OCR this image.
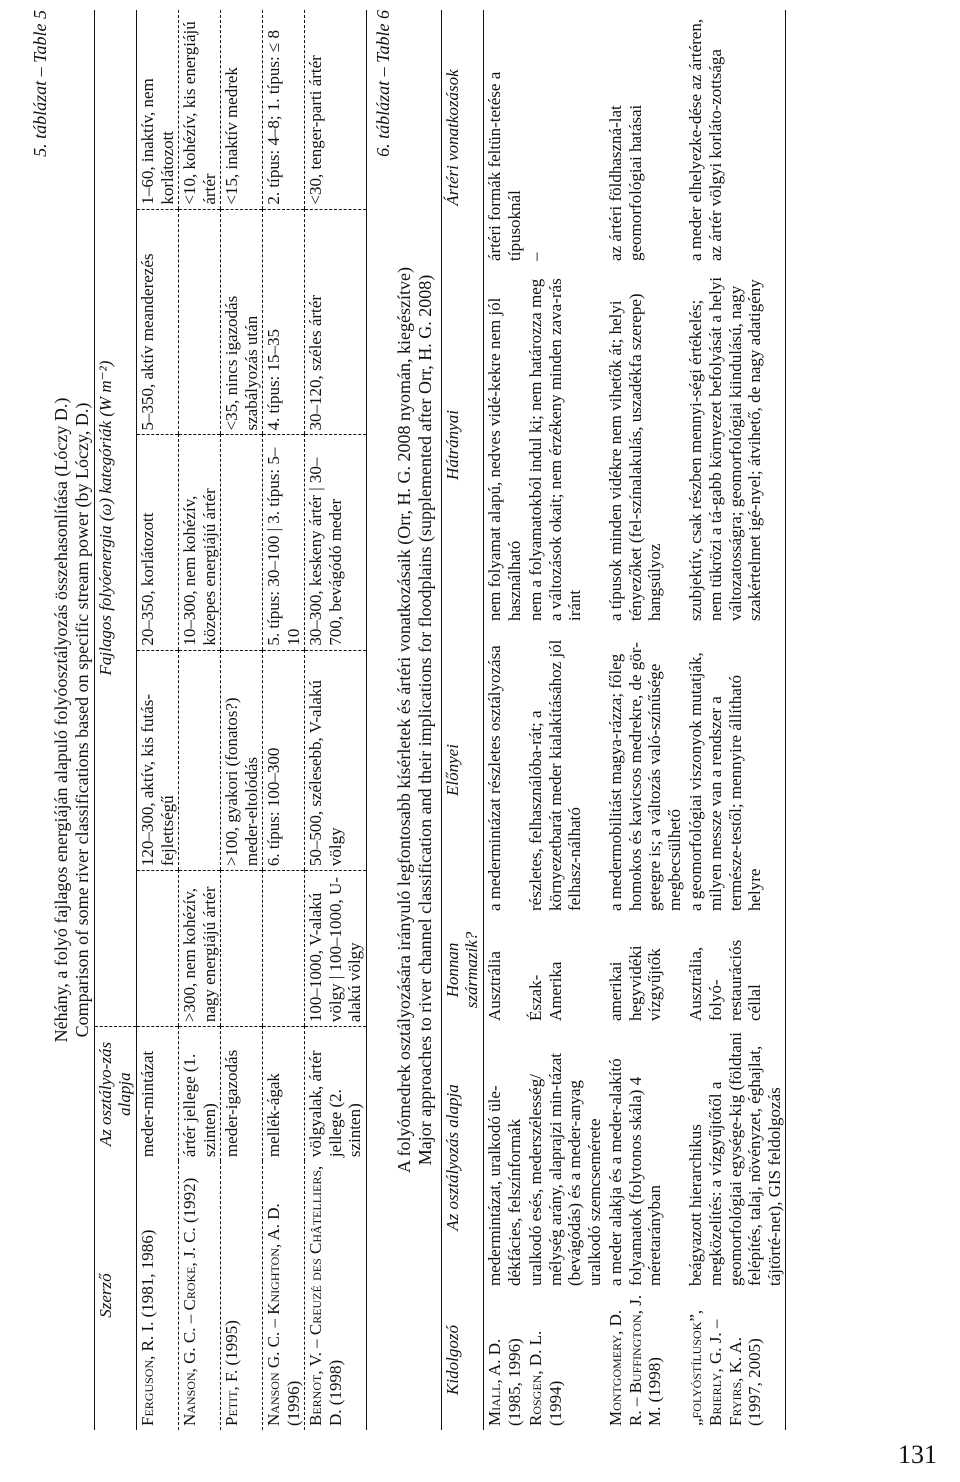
131
5. táblázat – Table 5
Néhány, a folyó fajlagos energiáján alapuló folyóosztályozás összehasonlítása (Lóczy D.) Comparison of some river classifications based on specific stream power (by Lóczy, D.)
Szerző	Az osztályo-zás alapja	Fajlagos folyóenergia (ω) kategóriák (W m⁻²)				
Ferguson, R. I. (1981, 1986)	meder-mintázat		120–300, aktív, kis futás-fejlettségű	20–350, korlátozott	5–350, aktív meanderezés	1–60, inaktív, nem korlátozott
Nanson, G. C. – Croke, J. C. (1992)	ártér jellege (1. szinten)	>300, nem kohézív, nagy energiájú ártér		10–300, nem kohézív, közepes energiájú ártér		<10, kohézív, kis energiájú ártér
Petit, F. (1995)	meder-igazodás		>100, gyakori (fonatos?) meder-eltolódás		<35, nincs igazodás szabályozás után	<15, inaktív medrek
Nanson G. C. – Knighton, A. D. (1996)	mellék-ágak		6. típus: 100–300	5. típus: 30–100 | 3. típus: 5–10	4. típus: 15–35	2. típus: 4–8; 1. típus: ≤ 8
Bernot, V. – Creuzé des Châtelliers, D. (1998)	völgyalak, ártér jellege (2. szinten)	100–1000, V-alakú völgy | 100–1000, U-alakú völgy	50–500, szélesebb, V-alakú völgy	30–300, keskeny ártér | 30–700, bevágódó meder	30–120, széles ártér	<30, tenger-parti ártér	6. táblázat – Table 6
A folyómedrek osztályozására irányuló legfontosabb kísérletek és ártéri vonatkozásaik (Orr, H. G. 2008 nyomán, kiegészítve) Major approaches to river channel classification and their implications for floodplains (supplemented after Orr, H. G. 2008)
Kidolgozó	Az osztályozás alapja	Honnan származik?	Előnyei	Hátrányai	Ártéri vonatkozások
Miall, A. D. (1985, 1996)	medermintázat, uralkodó üle-dékfácies, felszínformák	Ausztrália	a medermintázat részletes osztályozása	nem folyamat alapú, nedves vidé-kekre nem jól használható	ártéri formák feltün-tetése a típusoknál
Rosgen, D. L. (1994)	uralkodó esés, mederszélesség/ mélység arány, alaprajzi min-tázat (bevágódás) és a meder-anyag uralkodó szemcsemérete	Észak-Amerika	részletes, felhasználóba-rát; a környezetbarát meder kialakításához jól felhasz-nálható	nem a folyamatokból indul ki; nem határozza meg a változások okait; nem érzékeny minden zava-rás iránt	–
Montgomery, D. R. – Buffington, J. M. (1998)	a meder alakja és a meder-alakító folyamatok (folytonos skála) 4 méretarányban	amerikai hegyvidéki vízgyűjtők	a medermobilitást magya-rázza; főleg homokos és kavicsos medrekre, de gör-getegre is; a változás való-színűsége megbecsülhető	a típusok minden vidékre nem vihetők át; helyi tényezőket (fel-színalakulás, uszadékfa szerepe) hangsúlyoz	az ártéri földhaszná-lat geomorfológiai hatásai
„folyóstílusok”, Brierly, G. J. – Fryirs, K. A. (1997, 2005)	beágyazott hierarchikus megközelítés: a vízgyűjtőtől a geomorfológiai egysége-kig (földtani felépítés, talaj, növényzet, éghajlat, tájtörté-net), GIS feldolgozás	Ausztrália, folyó-restaurációs céllal	a geomorfológiai viszonyok mutatják, milyen messze van a rendszer a természe-testől; mennyire állítható helyre	szubjektív, csak részben mennyi-ségi értékelés; nem tükrözi a tá-gabb környezet befolyását a helyi változatosságra; geomorfológiai kiindulású, nagy szakértelmet igé-nyel; átvihető, de nagy adatigény	a meder elhelyezke-dése az ártéren, az ártér völgyi korláto-zottsága
